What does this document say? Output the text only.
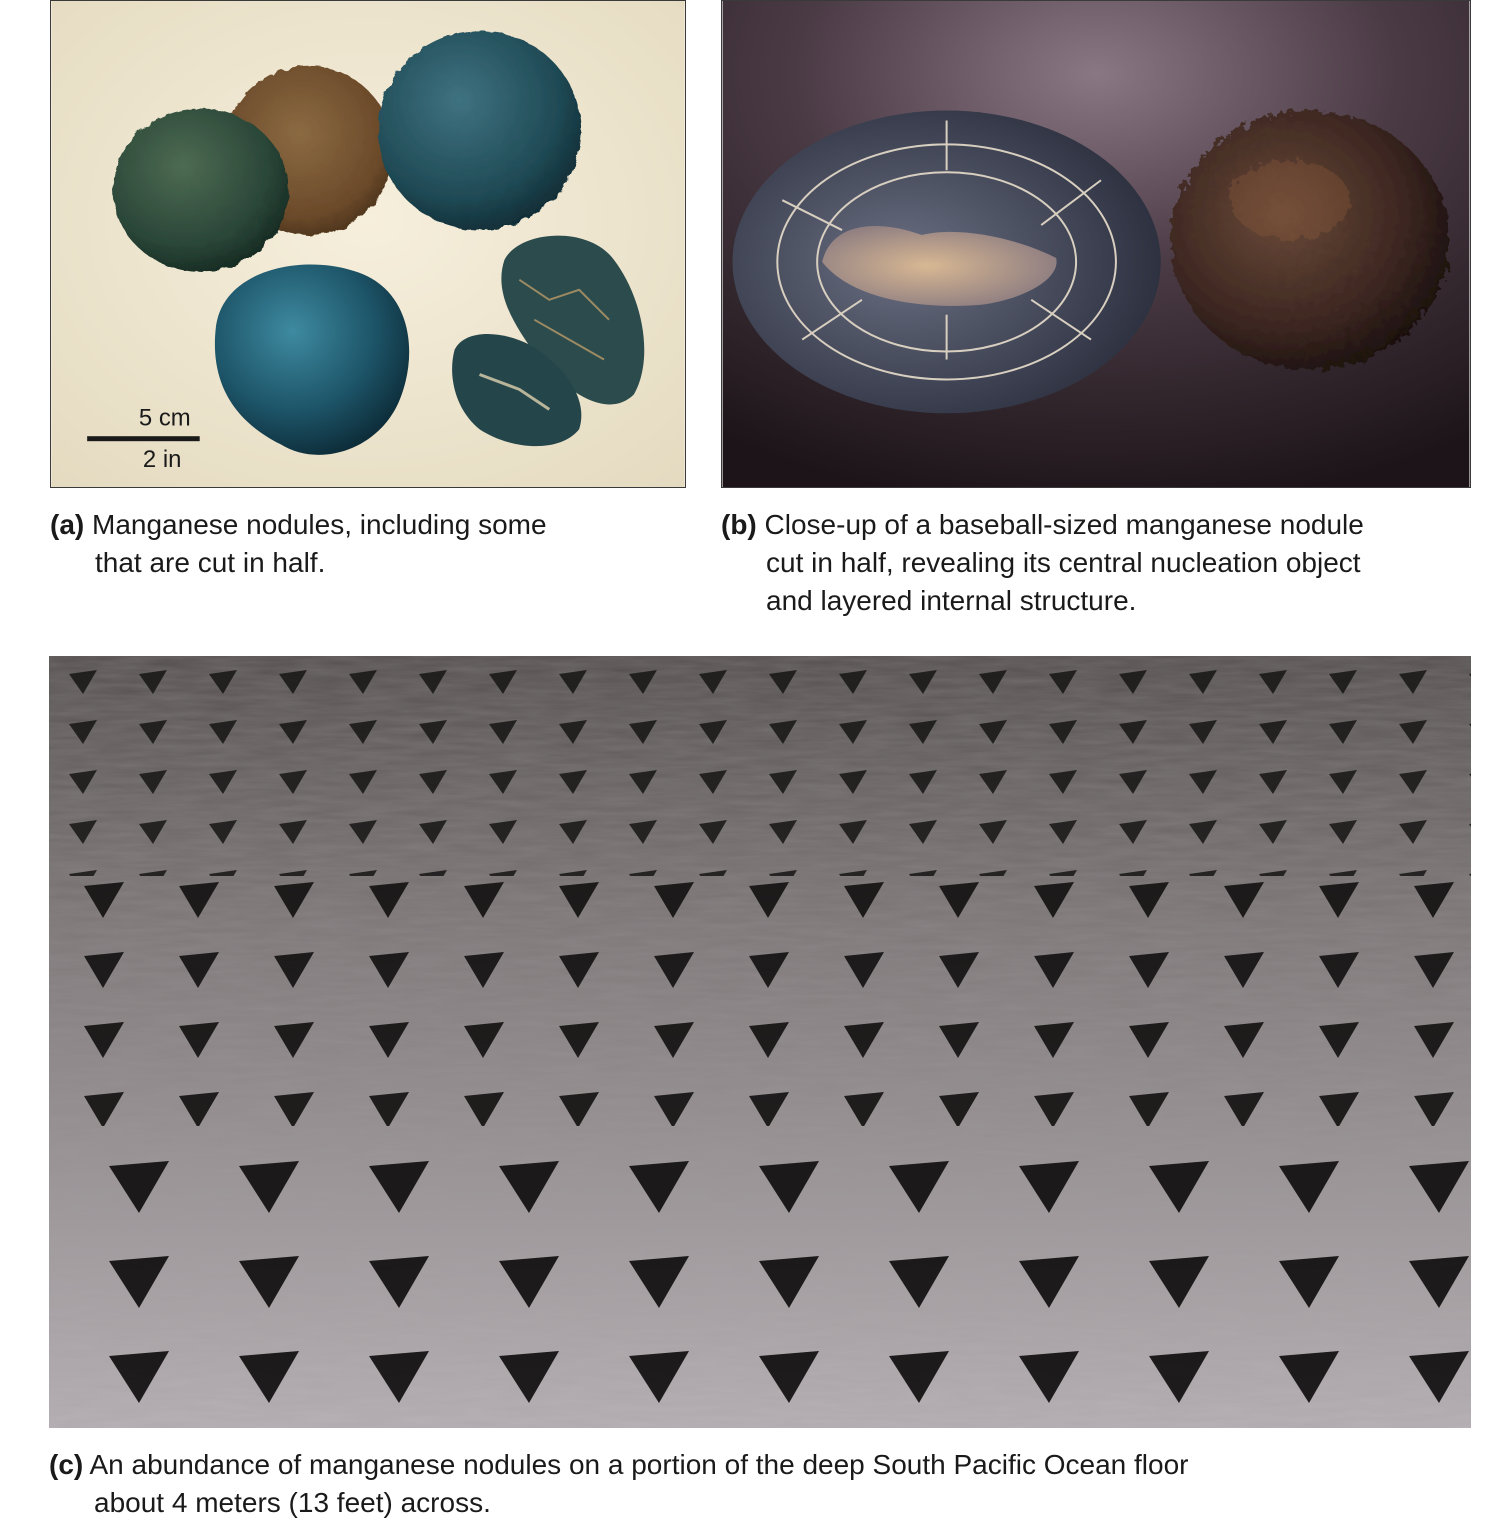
5 cm
2 in
(a) Manganese nodules, including some
that are cut in half.
(b) Close-up of a baseball-sized manganese nodule
cut in half, revealing its central nucleation object
and layered internal structure.
(c) An abundance of manganese nodules on a portion of the deep South Pacific Ocean floor
about 4 meters (13 feet) across.
